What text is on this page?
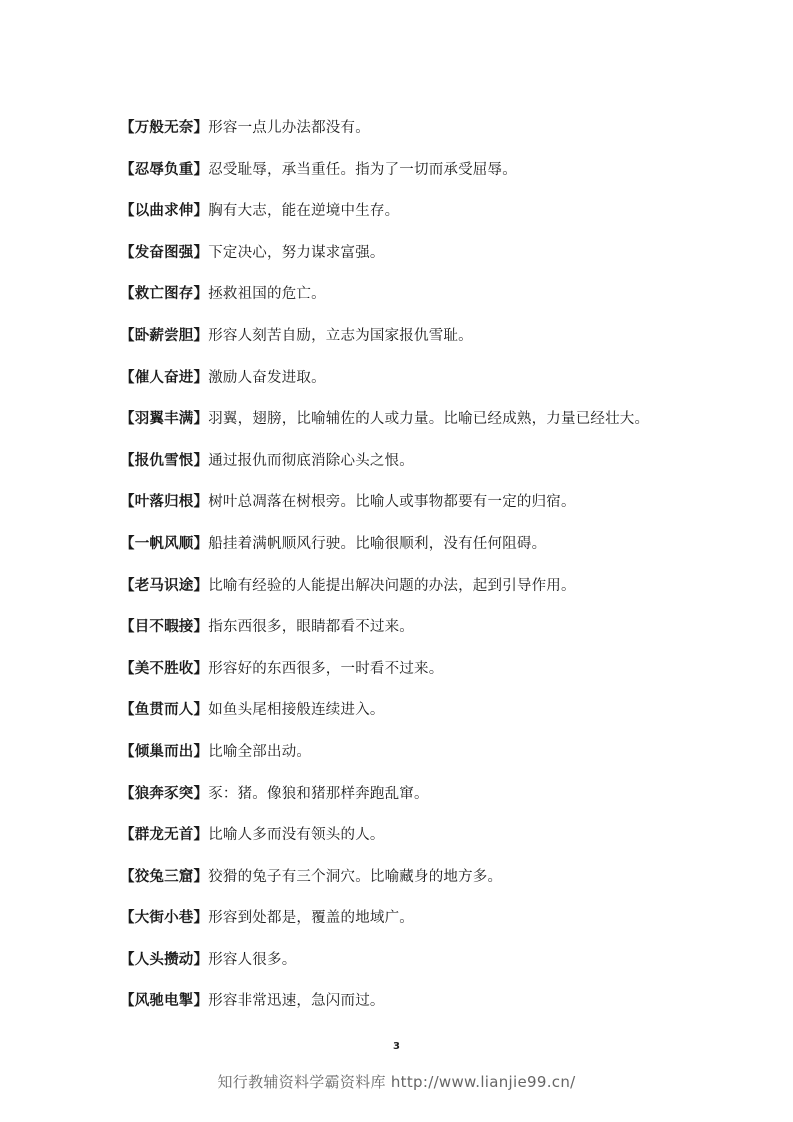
【万般无奈】形容一点儿办法都没有。
【忍辱负重】忍受耻辱，承当重任。指为了一切而承受屈辱。
【以曲求伸】胸有大志，能在逆境中生存。
【发奋图强】下定决心，努力谋求富强。
【救亡图存】拯救祖国的危亡。
【卧薪尝胆】形容人刻苦自励，立志为国家报仇雪耻。
【催人奋进】激励人奋发进取。
【羽翼丰满】羽翼，翅膀，比喻辅佐的人或力量。比喻已经成熟，力量已经壮大。
【报仇雪恨】通过报仇而彻底消除心头之恨。
【叶落归根】树叶总凋落在树根旁。比喻人或事物都要有一定的归宿。
【一帆风顺】船挂着满帆顺风行驶。比喻很顺利，没有任何阻碍。
【老马识途】比喻有经验的人能提出解决问题的办法，起到引导作用。
【目不暇接】指东西很多，眼睛都看不过来。
【美不胜收】形容好的东西很多，一时看不过来。
【鱼贯而人】如鱼头尾相接般连续进入。
【倾巢而出】比喻全部出动。
【狼奔豕突】豕：猪。像狼和猪那样奔跑乱窜。
【群龙无首】比喻人多而没有领头的人。
【狡兔三窟】狡猾的兔子有三个洞穴。比喻藏身的地方多。
【大街小巷】形容到处都是，覆盖的地域广。
【人头攒动】形容人很多。
【风驰电掣】形容非常迅速，急闪而过。
3
知行教辅资料学霸资料库 http://www.lianjie99.cn/
